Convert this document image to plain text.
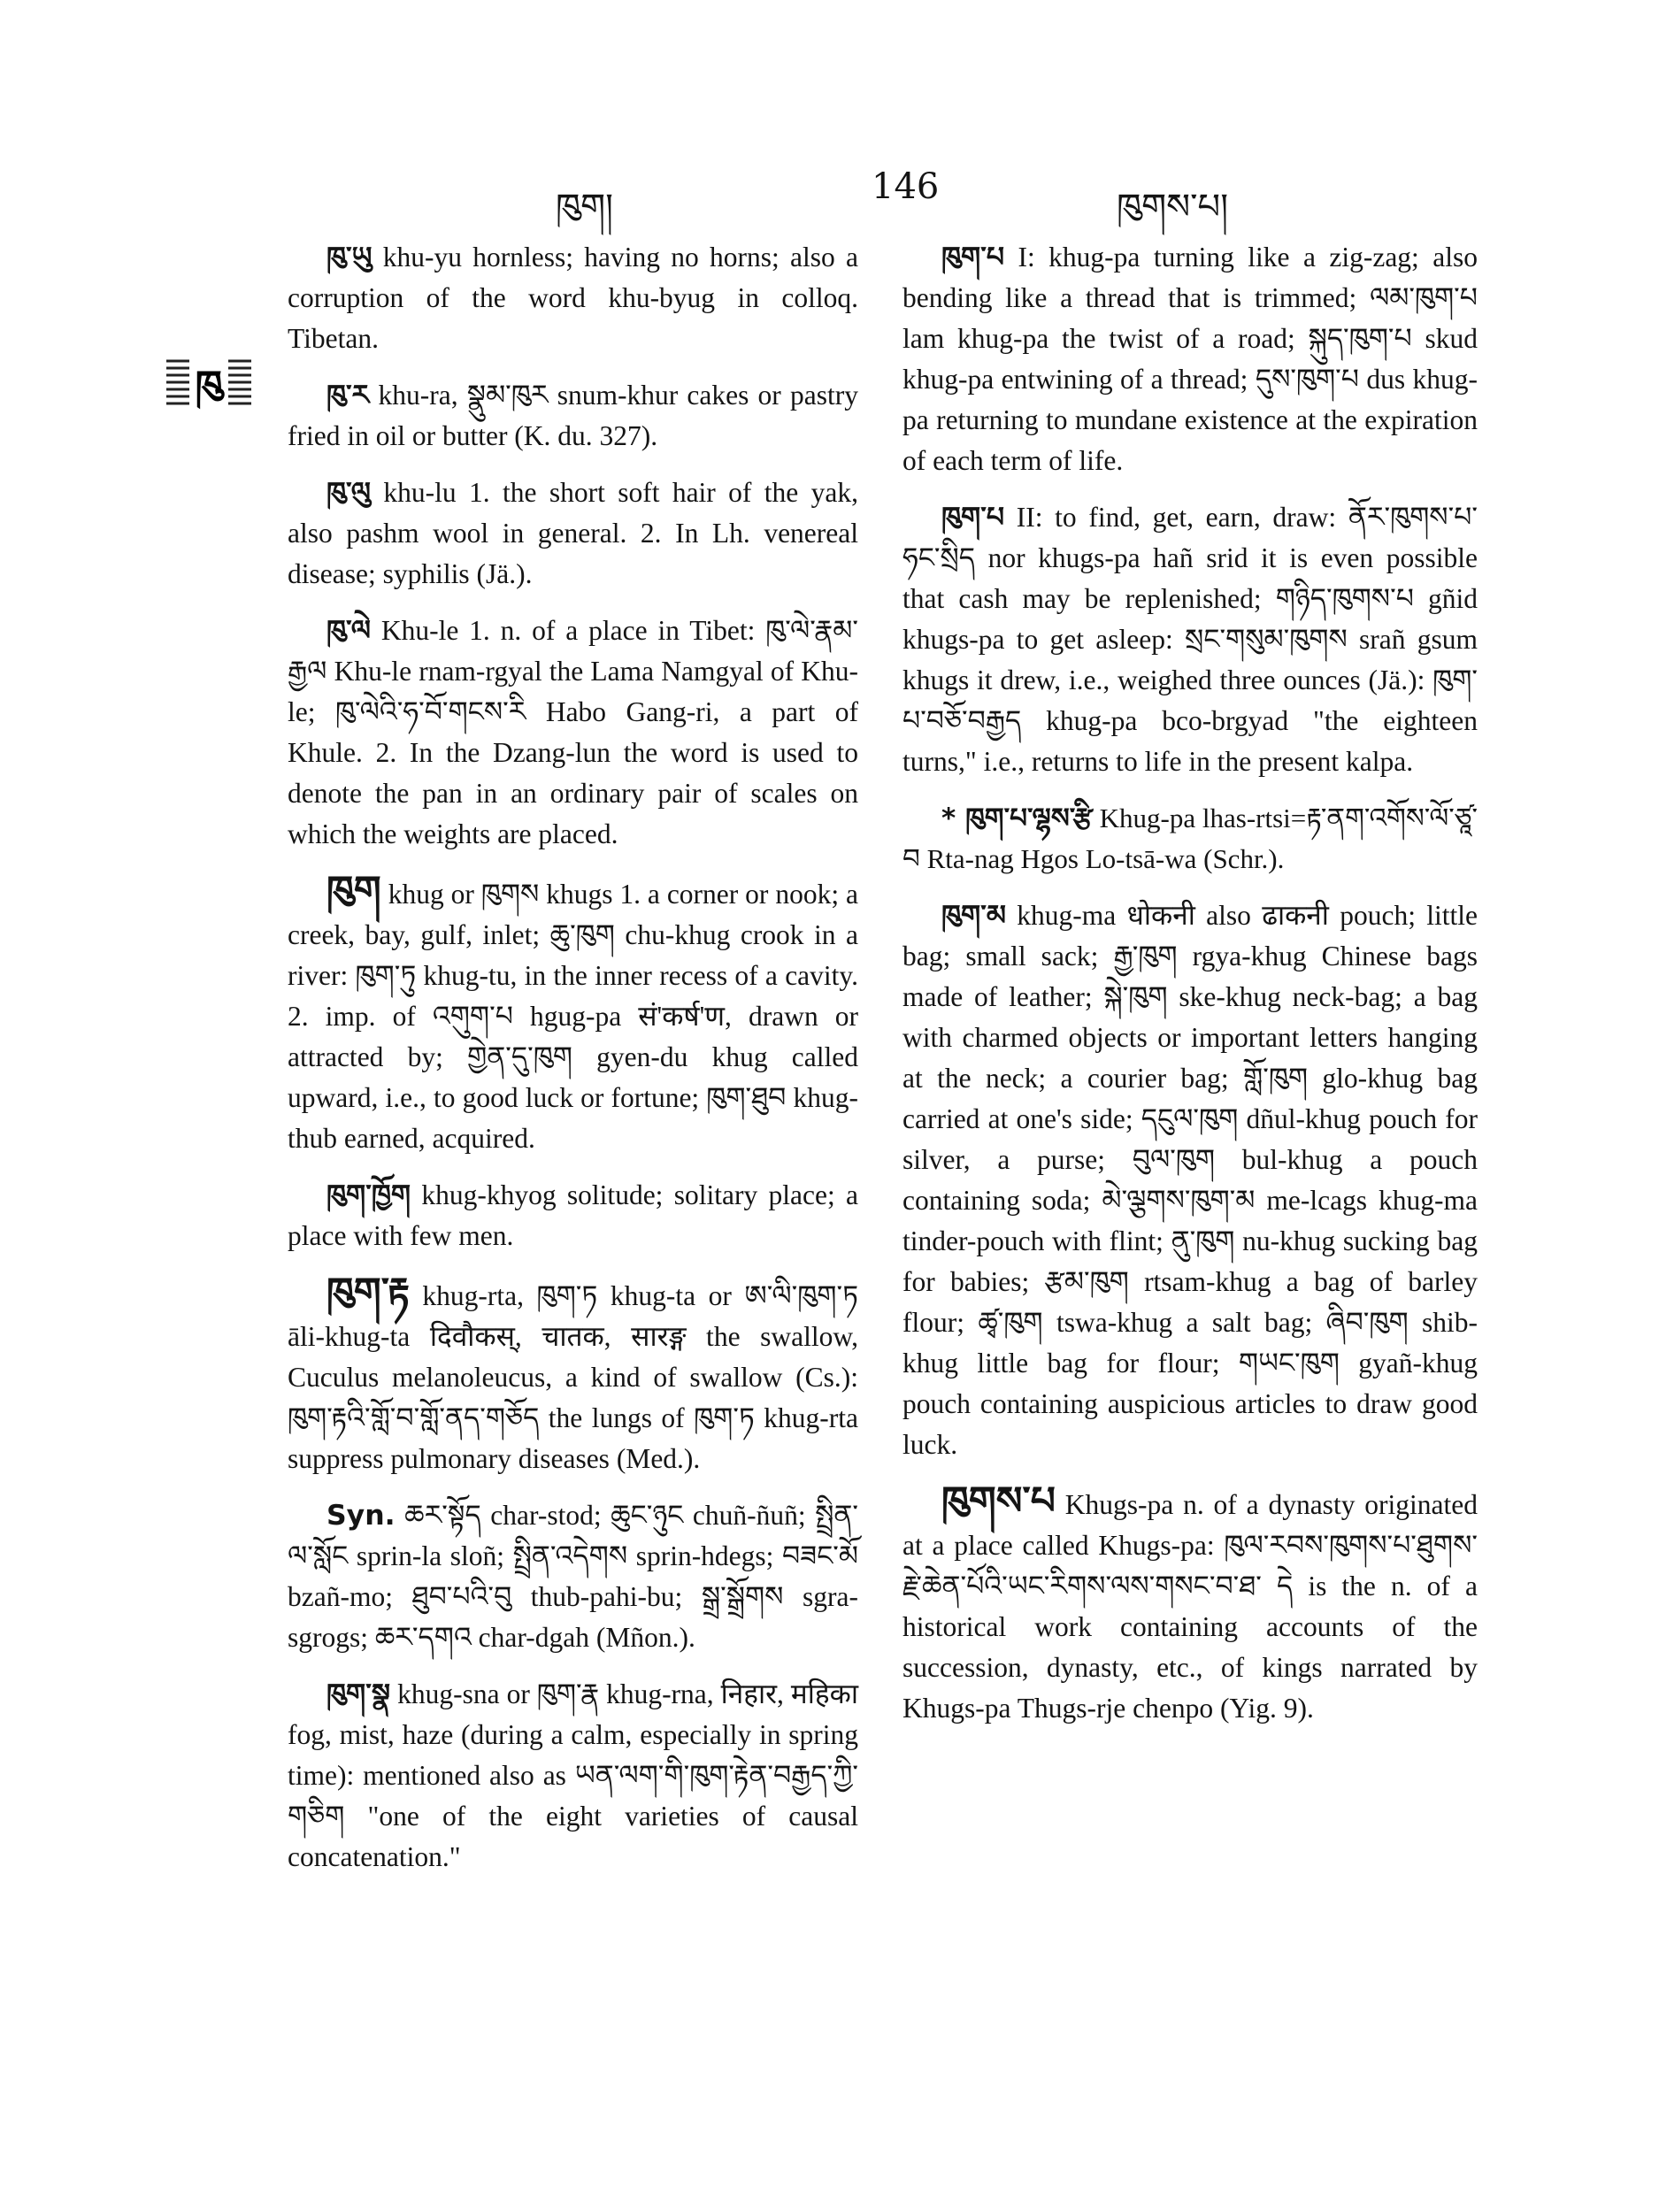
ཁུག།	146	ཁུགས་པ།
ཁུ

ཁུ་ཡུ khu-yu hornless; having no horns; also a corruption of the word khu-byug in colloq. Tibetan.

ཁུ་ར khu-ra, སྣུམ་ཁུར snum-khur cakes or pastry fried in oil or butter (K. du. 327).

ཁུ་ལུ khu-lu 1. the short soft hair of the yak, also pashm wool in general. 2. In Lh. venereal disease; syphilis (Jä.).

ཁུ་ལེ Khu-le 1. n. of a place in Tibet: ཁུ་ལེ་རྣམ་རྒྱལ Khu-le rnam-rgyal the Lama Namgyal of Khu-le; ཁུ་ལེའི་ཧ་བོ་གངས་རི Habo Gang-ri, a part of Khule. 2. In the Dzang-lun the word is used to denote the pan in an ordinary pair of scales on which the weights are placed.

ཁུག khug or ཁུགས khugs 1. a corner or nook; a creek, bay, gulf, inlet; ཆུ་ཁུག chu-khug crook in a river: ཁུག་ཏུ khug-tu, in the inner recess of a cavity. 2. imp. of འགུག་པ hgug-pa सं'कर्ष'ण, drawn or attracted by; གྱེན་དུ་ཁུག gyen-du khug called upward, i.e., to good luck or fortune; ཁུག་ཐུབ khug-thub earned, acquired.

ཁུག་ཁྱོག khug-khyog solitude; solitary place; a place with few men.

ཁུག་རྟ khug-rta, ཁུག་ཏ khug-ta or ཨ་ལི་ཁུག་ཏ āli-khug-ta दिवौकस्, चातक, सारङ्ग the swallow, Cuculus melanoleucus, a kind of swallow (Cs.): ཁུག་རྟའི་གློ་བ་གློ་ནད་གཅོད the lungs of ཁུག་ཏ khug-rta suppress pulmonary diseases (Med.).

Syn. ཆར་སྟོད char-stod; ཆུང་ཉུང chuñ-ñuñ; སྤྲིན་ལ་སློང sprin-la sloñ; སྤྲིན་འདེགས sprin-hdegs; བཟང་མོ bzañ-mo; ཐུབ་པའི་བུ thub-pahi-bu; སྒྲ་སྒྲོགས sgra-sgrogs; ཆར་དགའ char-dgah (Mñon.).

ཁུག་སྣ khug-sna or ཁུག་རྣ khug-rna, निहार, महिका fog, mist, haze (during a calm, especially in spring time): mentioned also as ཡན་ལག་གི་ཁུག་རྟེན་བརྒྱད་ཀྱི་གཅིག "one of the eight varieties of causal concatenation."

ཁུག་པ I: khug-pa turning like a zig-zag; also bending like a thread that is trimmed; ལམ་ཁུག་པ lam khug-pa the twist of a road; སྐུད་ཁུག་པ skud khug-pa entwining of a thread; དུས་ཁུག་པ dus khug-pa returning to mundane existence at the expiration of each term of life.

ཁུག་པ II: to find, get, earn, draw: ནོར་ཁུགས་པ་ཧང་སྲིད nor khugs-pa hañ srid it is even possible that cash may be replenished; གཉིད་ཁུགས་པ gñid khugs-pa to get asleep: སྲང་གསུམ་ཁུགས srañ gsum khugs it drew, i.e., weighed three ounces (Jä.): ཁུག་པ་བཅོ་བརྒྱད khug-pa bco-brgyad "the eighteen turns," i.e., returns to life in the present kalpa.

* ཁུག་པ་ལྷས་རྩི Khug-pa lhas-rtsi=རྟ་ནག་འགོས་ལོ་ཙཱ་བ Rta-nag Hgos Lo-tsā-wa (Schr.).

ཁུག་མ khug-ma धोकनी also ढाकनी pouch; little bag; small sack; རྒྱ་ཁུག rgya-khug Chinese bags made of leather; སྐེ་ཁུག ske-khug neck-bag; a bag with charmed objects or important letters hanging at the neck; a courier bag; གློ་ཁུག glo-khug bag carried at one's side; དངུལ་ཁུག dñul-khug pouch for silver, a purse; བུལ་ཁུག bul-khug a pouch containing soda; མེ་ལྕགས་ཁུག་མ me-lcags khug-ma tinder-pouch with flint; ནུ་ཁུག nu-khug sucking bag for babies; རྩམ་ཁུག rtsam-khug a bag of barley flour; ཚྭ་ཁུག tswa-khug a salt bag; ཞིབ་ཁུག shib-khug little bag for flour; གཡང་ཁུག gyañ-khug pouch containing auspicious articles to draw good luck.

ཁུགས་པ Khugs-pa n. of a dynasty originated at a place called Khugs-pa: ཁུལ་རབས་ཁུགས་པ་ཐུགས་རྗེ་ཆེན་པོའི་ཡང་རིགས་ལས་གསང་བ་ཐ་ དེ is the n. of a historical work containing accounts of the succession, dynasty, etc., of kings narrated by Khugs-pa Thugs-rje chenpo (Yig. 9).
